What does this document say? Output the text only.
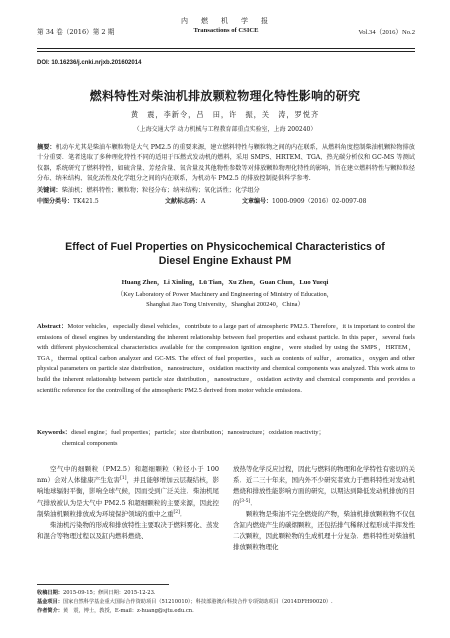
第 34 卷（2016）第 2 期
内　燃　机　学　报
Transactions of CSICE	Vol.34（2016）No.2
DOI: 10.16236/j.cnki.nrjxb.201602014
燃料特性对柴油机排放颗粒物理化特性影响的研究
黄　震，李新令，吕　田，许　振，关　涛，罗悦齐
（上海交通大学 动力机械与工程教育部重点实验室，上海 200240）
摘要：机动车尤其是柴油车颗粒物是大气 PM2.5 的重要来源，建立燃料特性与颗粒物之间的内在联系，从燃料角度控制柴油机颗粒物排放十分重要．笔者选取了多种理化特性不同的适用于压燃式发动机的燃料，采用 SMPS、HRTEM、TGA、热光碳分析仪和 GC-MS 等测试仪器，系统研究了燃料特性，如硫含量、芳烃含量、氧含量及其他物性参数等对排放颗粒物理化特性的影响，旨在建立燃料特性与颗粒粒径分布、纳米结构、氧化活性及化学组分之间的内在联系，为机动车 PM2.5 的排放控制提供科学参考.
关键词：柴油机；燃料特性；颗粒物；粒径分布；纳米结构；氧化活性；化学组分
中图分类号：TK421.5	文献标志码：A	文章编号：1000-0909（2016）02-0097-08
Effect of Fuel Properties on Physicochemical Characteristics of
Diesel Engine Exhaust PM
Huang Zhen，Li Xinling，Lü Tian，Xu Zhen，Guan Chun，Luo Yueqi
（Key Laboratory of Power Machinery and Engineering of Ministry of Education，
Shanghai Jiao Tong University，Shanghai 200240，China）
Abstract：Motor vehicles，especially diesel vehicles，contribute to a large part of atmospheric PM2.5. Therefore，it is important to control the emissions of diesel engines by understanding the inherent relationship between fuel properties and exhaust particle. In this paper，several fuels with different physicochemical characteristics available for the compression ignition engine，were studied by using the SMPS，HRTEM，TGA，thermal optical carbon analyzer and GC-MS. The effect of fuel properties，such as contents of sulfur，aromatics，oxygen and other physical parameters on particle size distribution，nanostructure，oxidation reactivity and chemical components was analyzed. This work aims to build the inherent relationship between particle size distribution，nanostructure，oxidation activity and chemical components and provides a scientific reference for the controlling of the atmospheric PM2.5 derived from motor vehicle emissions.
Keywords：diesel engine；fuel properties；particle；size distribution；nanostructure；oxidation reactivity；
chemical components

空气中的细颗粒（PM2.5）和超细颗粒（粒径小于 100 nm）会对人体健康产生危害[1]，并且能够增加云层凝结核，影响地球辐射平衡，影响全球气候，因而受到广泛关注．柴油机尾气排放被认为是大气中 PM2.5 和超细颗粒的主要来源，因此控制柴油机颗粒排放成为环境保护领域的重中之重[2]．

柴油机污染物的形成和排放特性主要取决于燃料雾化、蒸发和混合等物理过程以及缸内燃料燃烧、

放热等化学反应过程，因此与燃料的物理和化学特性有密切的关系．近二三十年来，国内外不少研究者致力于燃料特性对发动机燃烧和排放性能影响方面的研究，以期达到降低发动机排放的目的[3-5]．

颗粒物是柴油不完全燃烧的产物，柴油机排放颗粒物不仅包含缸内燃烧产生的碳烟颗粒，还包括排气稀释过程形成半挥发性二次颗粒，因此颗粒物的生成机理十分复杂．燃料特性对柴油机排放颗粒物理化

收稿日期：2015-09-15；修回日期：2015-12-23.
基金项目：国家自然科学基金重大国际合作资助项目（51210010）；科技部港澳台科技合作专项资助项目（2014DFH90020）.
作者简介：黄　震，博士，教授，E-mail：z-huang@sjtu.edu.cn.
